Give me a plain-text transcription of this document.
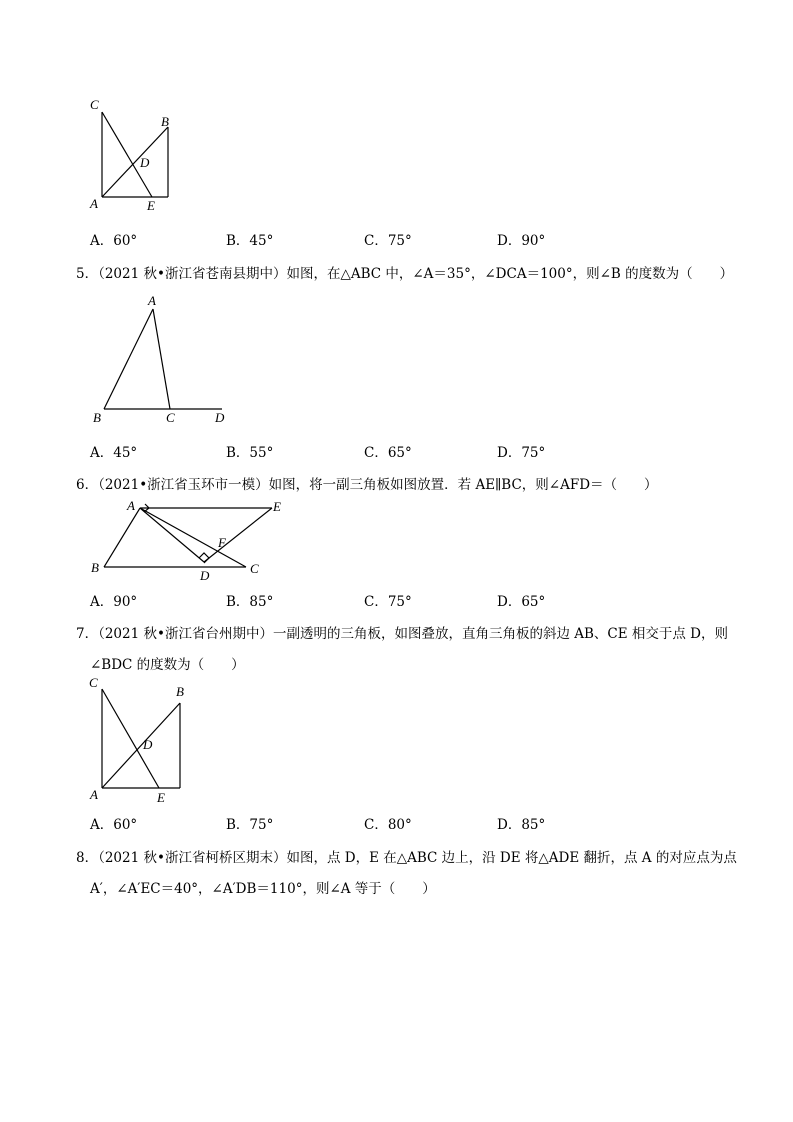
C
B
D
A	E
A．60°	B．45°	C．75°	D．90°
5．（2021 秋•浙江省苍南县期中）如图，在△ABC 中，∠A＝35°，∠DCA＝100°，则∠B 的度数为（　　）
A
B	C	D
A．45°	B．55°	C．65°	D．75°
6．（2021•浙江省玉环市一模）如图，将一副三角板如图放置．若 AE∥BC，则∠AFD＝（　　）
A	E
F
B
D	C
A．90°	B．85°	C．75°	D．65°
7．（2021 秋•浙江省台州期中）一副透明的三角板，如图叠放，直角三角板的斜边 AB、CE 相交于点 D，则
∠BDC 的度数为（　　）
C
B
D
A	E
A．60°	B．75°	C．80°	D．85°
8．（2021 秋•浙江省柯桥区期末）如图，点 D，E 在△ABC 边上，沿 DE 将△ADE 翻折，点 A 的对应点为点
A′，∠A′EC＝40°，∠A′DB＝110°，则∠A 等于（　　）
